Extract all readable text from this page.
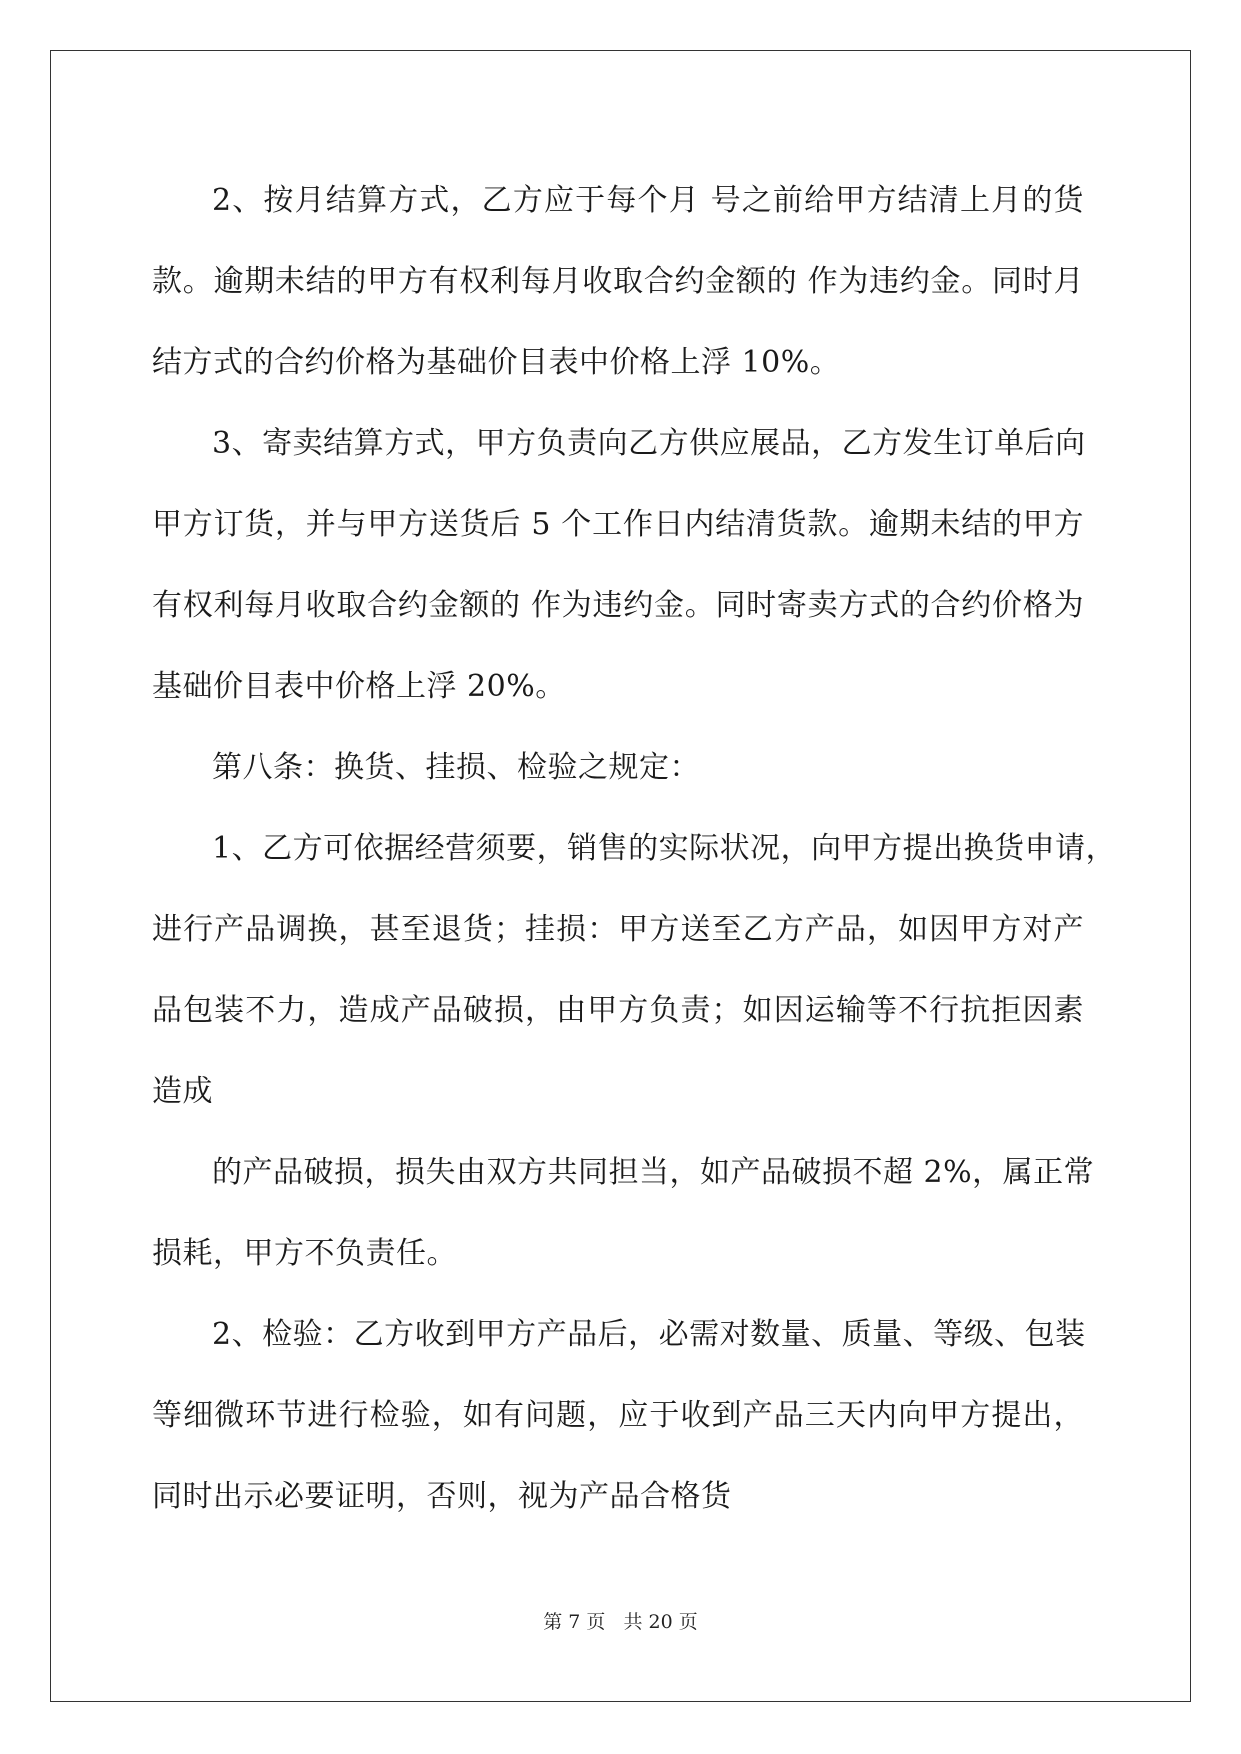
2、按月结算方式，乙方应于每个月 号之前给甲方结清上月的货
款。逾期未结的甲方有权利每月收取合约金额的 作为违约金。同时月
结方式的合约价格为基础价目表中价格上浮 10%。
3、寄卖结算方式，甲方负责向乙方供应展品，乙方发生订单后向
甲方订货，并与甲方送货后 5 个工作日内结清货款。逾期未结的甲方
有权利每月收取合约金额的 作为违约金。同时寄卖方式的合约价格为
基础价目表中价格上浮 20%。
第八条：换货、挂损、检验之规定：
1、乙方可依据经营须要，销售的实际状况，向甲方提出换货申请，
进行产品调换，甚至退货；挂损：甲方送至乙方产品，如因甲方对产
品包装不力，造成产品破损，由甲方负责；如因运输等不行抗拒因素
造成
的产品破损，损失由双方共同担当，如产品破损不超 2%，属正常
损耗，甲方不负责任。
2、检验：乙方收到甲方产品后，必需对数量、质量、等级、包装
等细微环节进行检验，如有问题，应于收到产品三天内向甲方提出，
同时出示必要证明，否则，视为产品合格货
第 7 页 共 20 页
